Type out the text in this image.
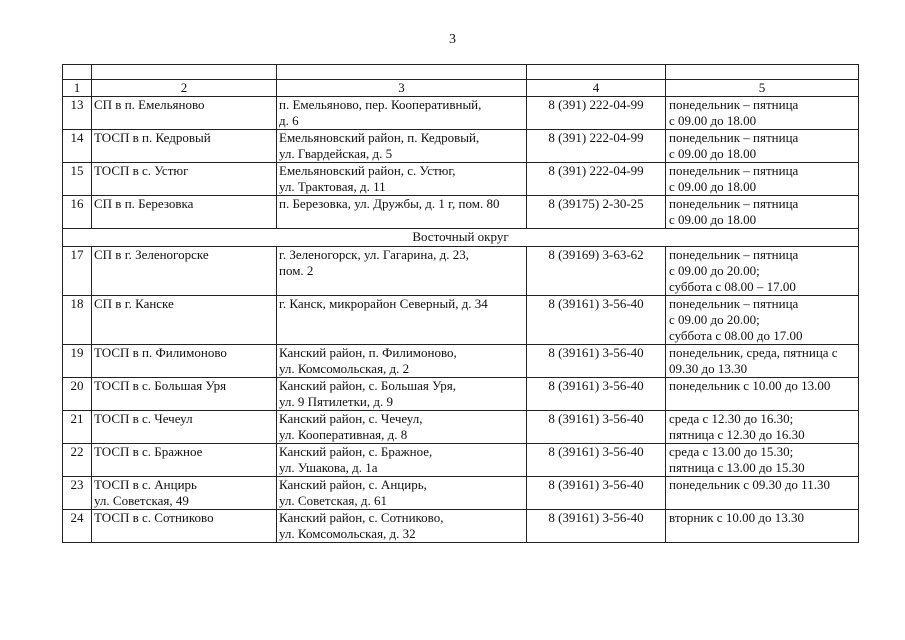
3

1	2	3	4	5
13	СП в п. Емельяново	п. Емельяново, пер. Кооперативный,
д. 6	8 (391) 222-04-99	понедельник – пятница
с 09.00 до 18.00

14	ТОСП в п. Кедровый	Емельяновский район, п. Кедровый,
ул. Гвардейская, д. 5	8 (391) 222-04-99	понедельник – пятница
с 09.00 до 18.00

15	ТОСП в с. Устюг	Емельяновский район, с. Устюг,
ул. Трактовая, д. 11	8 (391) 222-04-99	понедельник – пятница
с 09.00 до 18.00

16	СП в п. Березовка	п. Березовка, ул. Дружбы, д. 1 г, пом. 80	8 (39175) 2-30-25	понедельник – пятница
с 09.00 до 18.00

Восточный округ				
17	СП в г. Зеленогорске	г. Зеленогорск, ул. Гагарина, д. 23,
пом. 2	8 (39169) 3-63-62	понедельник – пятница
с 09.00 до 20.00;
суббота с 08.00 – 17.00

18	СП в г. Канске	г. Канск, микрорайон Северный, д. 34	8 (39161) 3-56-40	понедельник – пятница
с 09.00 до 20.00;
суббота с 08.00 до 17.00

19	ТОСП в п. Филимоново	Канский район, п. Филимоново,
ул. Комсомольская, д. 2	8 (39161) 3-56-40	понедельник, среда, пятница с
09.30 до 13.30

20	ТОСП в с. Большая Уря	Канский район, с. Большая Уря,
ул. 9 Пятилетки, д. 9	8 (39161) 3-56-40	понедельник с 10.00 до 13.00

21	ТОСП в с. Чечеул	Канский район, с. Чечеул,
ул. Кооперативная, д. 8	8 (39161) 3-56-40	среда с 12.30 до 16.30;
пятница с 12.30 до 16.30

22	ТОСП в с. Бражное	Канский район, с. Бражное,
ул. Ушакова, д. 1а	8 (39161) 3-56-40	среда с 13.00 до 15.30;
пятница с 13.00 до 15.30

23	ТОСП в с. Анцирь
ул. Советская, 49	Канский район, с. Анцирь,
ул. Советская, д. 61	8 (39161) 3-56-40	понедельник с 09.30 до 11.30

24	ТОСП в с. Сотниково	Канский район, с. Сотниково,
ул. Комсомольская, д. 32	8 (39161) 3-56-40	вторник с 10.00 до 13.30
